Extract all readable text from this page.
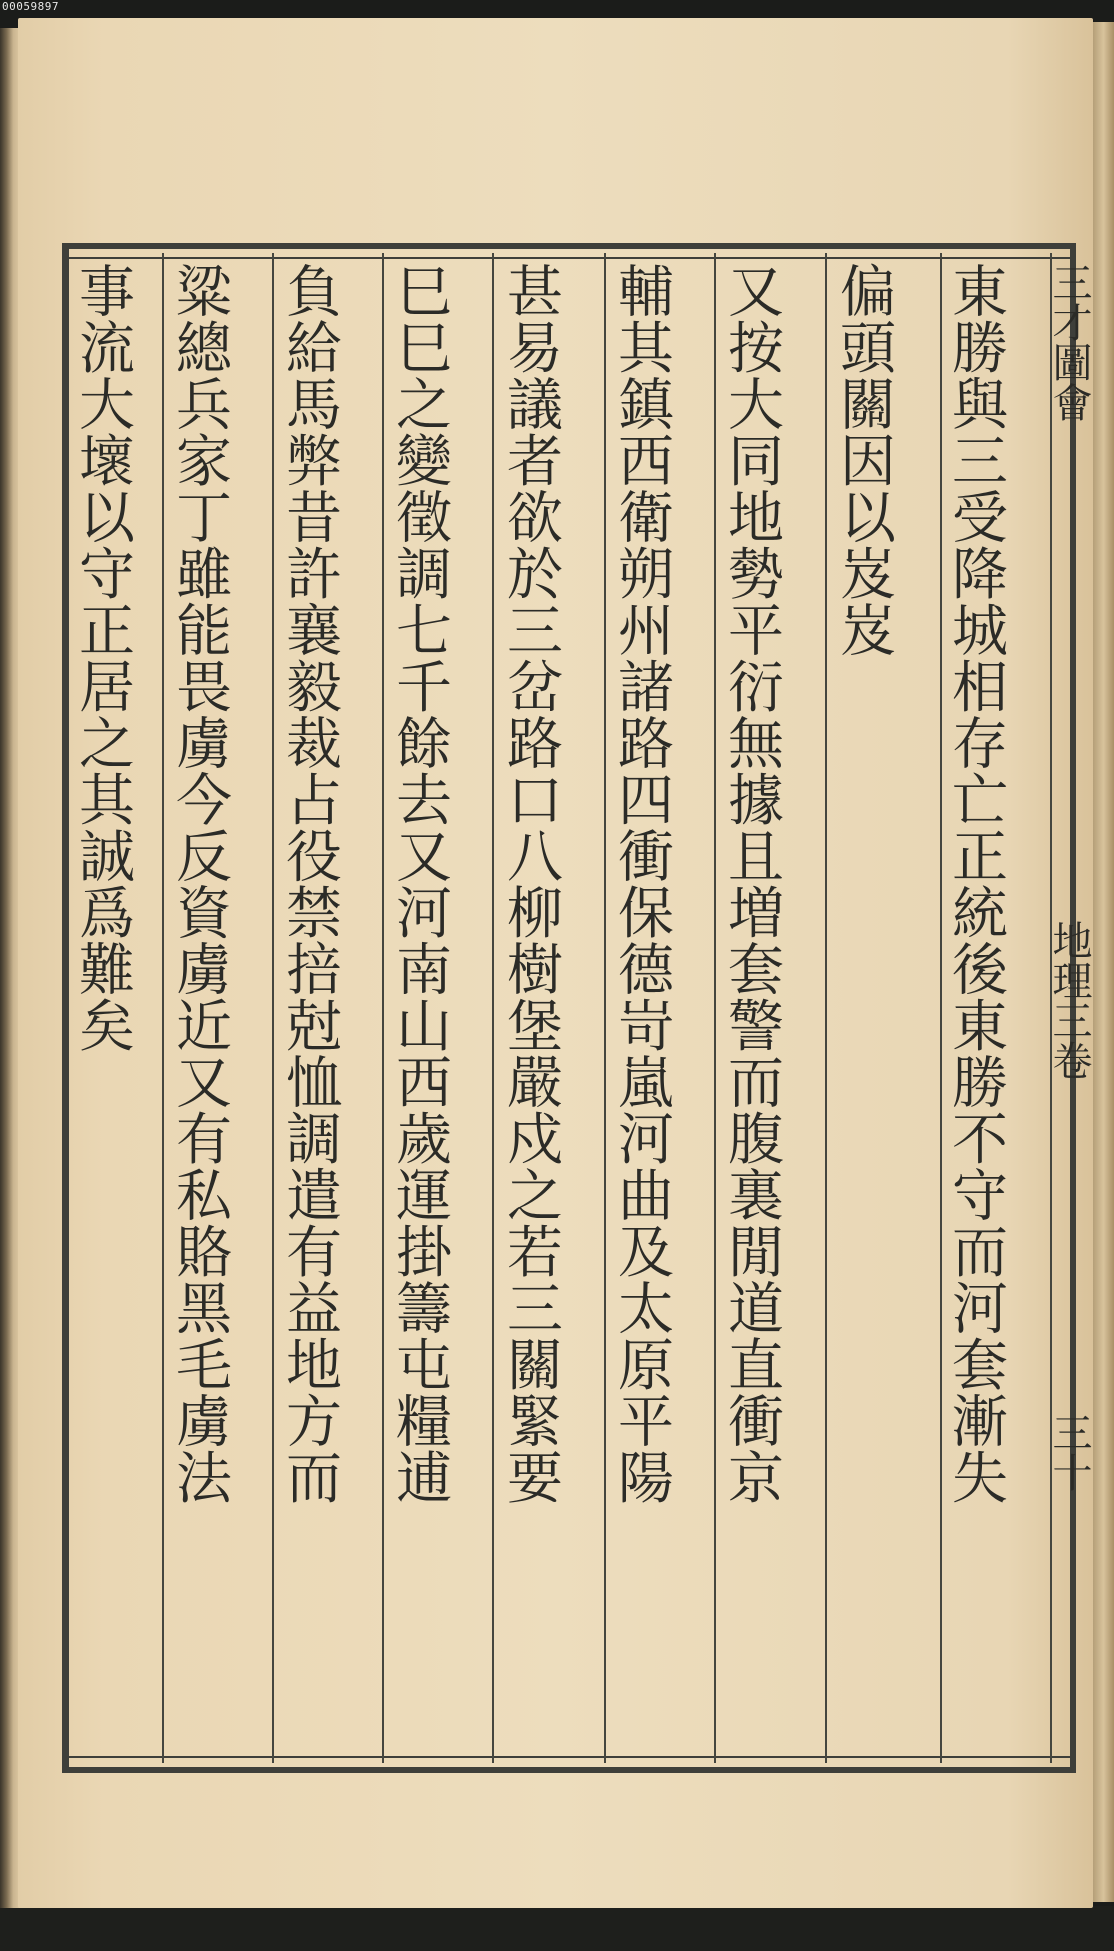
00059897
三才圖會
地理三卷
三十
東勝與三受降城相存亡正統後東勝不守而河套漸失
偏頭關因以岌岌
又按大同地勢平衍無據且増套警而腹裏閒道直衝京
輔其鎮西衛朔州諸路四衝保德岢嵐河曲及太原平陽
甚易議者欲於三岔路口八柳樹堡嚴戍之若三關緊要
巳巳之變徵調七千餘去又河南山西歲運掛籌屯糧逋
負給馬弊昔許襄毅裁占役禁掊尅恤調遣有益地方而
粱總兵家丁雖能畏虜今反資虜近又有私賂黑毛虜法
事流大壞以守正居之其誠爲難矣
